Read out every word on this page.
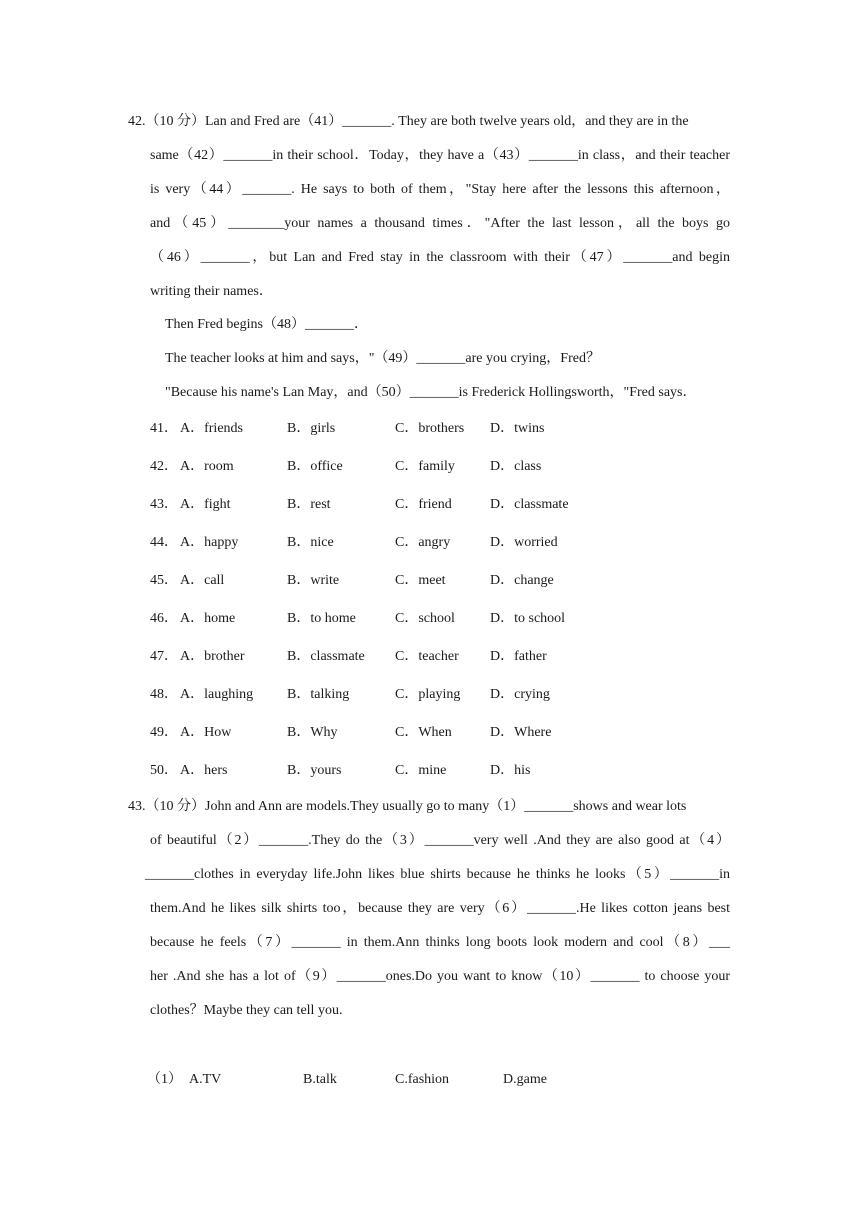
42.（10 分）Lan and Fred are（41）_______. They are both twelve years old，and they are in the
same（42）_______in their school．Today，they have a（43）_______in class，and their teacher
is very（44）_______. He says to both of them，"Stay here after the lessons this afternoon，
and（45）________your names a thousand times．"After the last lesson，all the boys go
（46）_______，but Lan and Fred stay in the classroom with their（47）_______and begin
writing their names．
Then Fred begins（48）_______．
The teacher looks at him and says，"（49）_______are you crying，Fred？
"Because his name's Lan May，and（50）_______is Frederick Hollingsworth，"Fred says．
41． A．friends	B．girls	C．brothers D．twins
42． A．room	B．office	C．family	D．class
43． A．fight	B．rest	C．friend	D．classmate
44． A．happy	B．nice	C．angry	D．worried
45． A．call	B．write	C．meet	D．change
46． A．home	B．to home	C．school	D．to school
47． A．brother	B．classmate C．teacher D．father
48． A．laughing B．talking	C．playing D．crying
49． A．How	B．Why	C．When	D．Where
50． A．hers	B．yours	C．mine	D．his
43.（10 分）John and Ann are models.They usually go to many（1）_______shows and wear lots
of beautiful（2）_______.They do the（3）_______very well .And they are also good at（4）
_______clothes in everyday life.John likes blue shirts because he thinks he looks（5）_______in
them.And he likes silk shirts too，because they are very（6）_______.He likes cotton jeans best
because he feels（7）_______ in them.Ann thinks long boots look modern and cool（8）___
her .And she has a lot of（9）_______ones.Do you want to know（10）_______ to choose your
clothes？Maybe they can tell you.
（1） A.TV	B.talk	C.fashion	D.game
